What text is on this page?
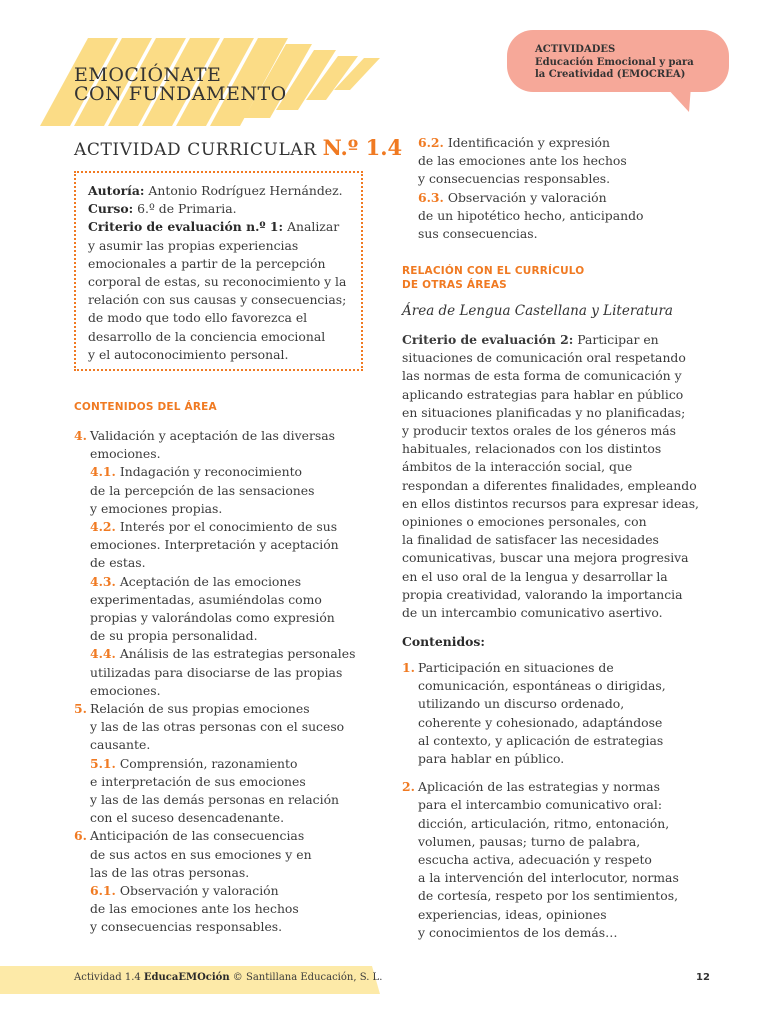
EMOCIÓNATE
CON FUNDAMENTO
ACTIVIDADES
Educación Emocional y para
la Creatividad (EMOCREA)
ACTIVIDAD CURRICULAR N.º 1.4
Autoría: Antonio Rodríguez Hernández.
Curso: 6.º de Primaria.
Criterio de evaluación n.º 1: Analizar
y asumir las propias experiencias
emocionales a partir de la percepción
corporal de estas, su reconocimiento y la
relación con sus causas y consecuencias;
de modo que todo ello favorezca el
desarrollo de la conciencia emocional
y el autoconocimiento personal.
CONTENIDOS DEL ÁREA
4. Validación y aceptación de las diversas
emociones.
4.1. Indagación y reconocimiento
de la percepción de las sensaciones
y emociones propias.
4.2. Interés por el conocimiento de sus
emociones. Interpretación y aceptación
de estas.
4.3. Aceptación de las emociones
experimentadas, asumiéndolas como
propias y valorándolas como expresión
de su propia personalidad.
4.4. Análisis de las estrategias personales
utilizadas para disociarse de las propias
emociones.
5. Relación de sus propias emociones
y las de las otras personas con el suceso
causante.
5.1. Comprensión, razonamiento
e interpretación de sus emociones
y las de las demás personas en relación
con el suceso desencadenante.
6. Anticipación de las consecuencias
de sus actos en sus emociones y en
las de las otras personas.
6.1. Observación y valoración
de las emociones ante los hechos
y consecuencias responsables.
6.2. Identificación y expresión
de las emociones ante los hechos
y consecuencias responsables.
6.3. Observación y valoración
de un hipotético hecho, anticipando
sus consecuencias.
RELACIÓN CON EL CURRÍCULO
DE OTRAS ÁREAS
Área de Lengua Castellana y Literatura
Criterio de evaluación 2: Participar en
situaciones de comunicación oral respetando
las normas de esta forma de comunicación y
aplicando estrategias para hablar en público
en situaciones planificadas y no planificadas;
y producir textos orales de los géneros más
habituales, relacionados con los distintos
ámbitos de la interacción social, que
respondan a diferentes finalidades, empleando
en ellos distintos recursos para expresar ideas,
opiniones o emociones personales, con
la finalidad de satisfacer las necesidades
comunicativas, buscar una mejora progresiva
en el uso oral de la lengua y desarrollar la
propia creatividad, valorando la importancia
de un intercambio comunicativo asertivo.
Contenidos:
1. Participación en situaciones de
comunicación, espontáneas o dirigidas,
utilizando un discurso ordenado,
coherente y cohesionado, adaptándose
al contexto, y aplicación de estrategias
para hablar en público.
2. Aplicación de las estrategias y normas
para el intercambio comunicativo oral:
dicción, articulación, ritmo, entonación,
volumen, pausas; turno de palabra,
escucha activa, adecuación y respeto
a la intervención del interlocutor, normas
de cortesía, respeto por los sentimientos,
experiencias, ideas, opiniones
y conocimientos de los demás…
Actividad 1.4 EducaEMOción © Santillana Educación, S. L.	12
